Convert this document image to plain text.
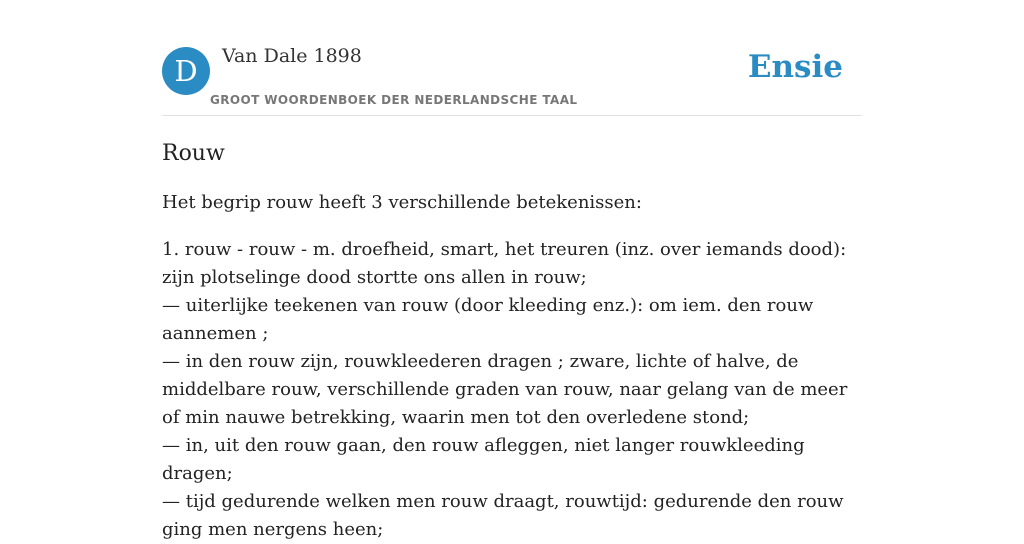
D	Van Dale 1898
GROOT WOORDENBOEK DER NEDERLANDSCHE TAAL
Ensie
Rouw

Het begrip rouw heeft 3 verschillende betekenissen:

1. rouw - rouw - m. droefheid, smart, het treuren (inz. over iemands dood): zijn plotselinge dood stortte ons allen in rouw;
— uiterlijke teekenen van rouw (door kleeding enz.): om iem. den rouw aannemen ;
— in den rouw zijn, rouwkleederen dragen ; zware, lichte of halve, de middelbare rouw, verschillende graden van rouw, naar gelang van de meer of min nauwe betrekking, waarin men tot den overledene stond;
— in, uit den rouw gaan, den rouw afleggen, niet langer rouwkleeding dragen;
— tijd gedurende welken men rouw draagt, rouwtijd: gedurende den rouw ging men nergens heen;
